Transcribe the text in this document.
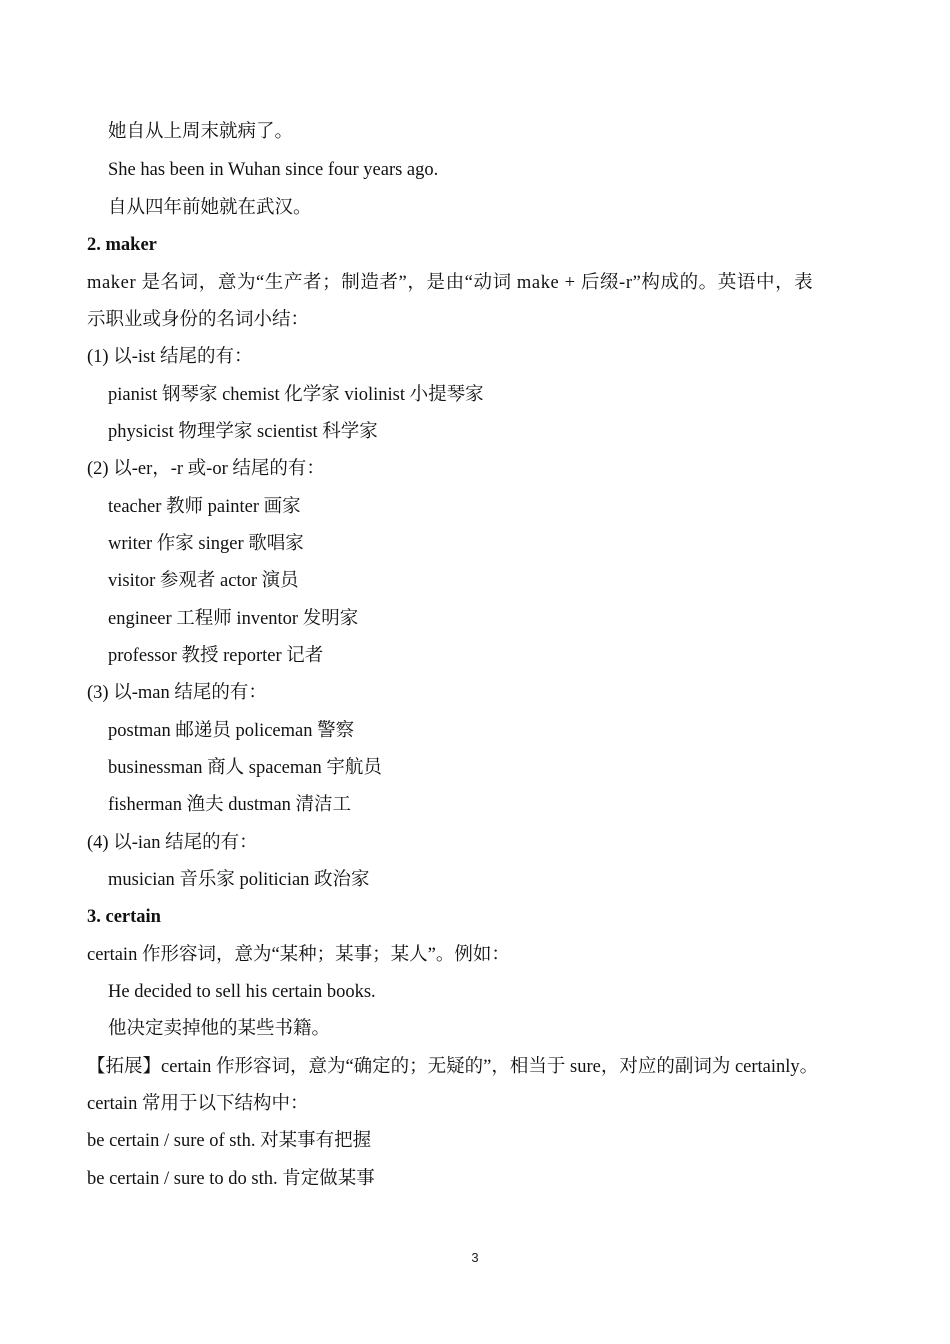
她自从上周末就病了。
She has been in Wuhan since four years ago.
自从四年前她就在武汉。
2. maker
maker 是名词，意为“生产者；制造者”，是由“动词 make + 后缀-r”构成的。英语中，表
示职业或身份的名词小结：
(1) 以-ist 结尾的有：
pianist 钢琴家 chemist 化学家 violinist 小提琴家
physicist 物理学家 scientist 科学家
(2) 以-er，-r 或-or 结尾的有：
teacher 教师 painter 画家
writer 作家 singer 歌唱家
visitor 参观者 actor 演员
engineer 工程师 inventor 发明家
professor 教授 reporter 记者
(3) 以-man 结尾的有：
postman 邮递员 policeman 警察
businessman 商人 spaceman 宇航员
fisherman 渔夫 dustman 清洁工
(4) 以-ian 结尾的有：
musician 音乐家 politician 政治家
3. certain
certain 作形容词，意为“某种；某事；某人”。例如：
He decided to sell his certain books.
他决定卖掉他的某些书籍。
【拓展】certain 作形容词，意为“确定的；无疑的”，相当于 sure，对应的副词为 certainly。
certain 常用于以下结构中：
be certain / sure of sth. 对某事有把握
be certain / sure to do sth. 肯定做某事
3
